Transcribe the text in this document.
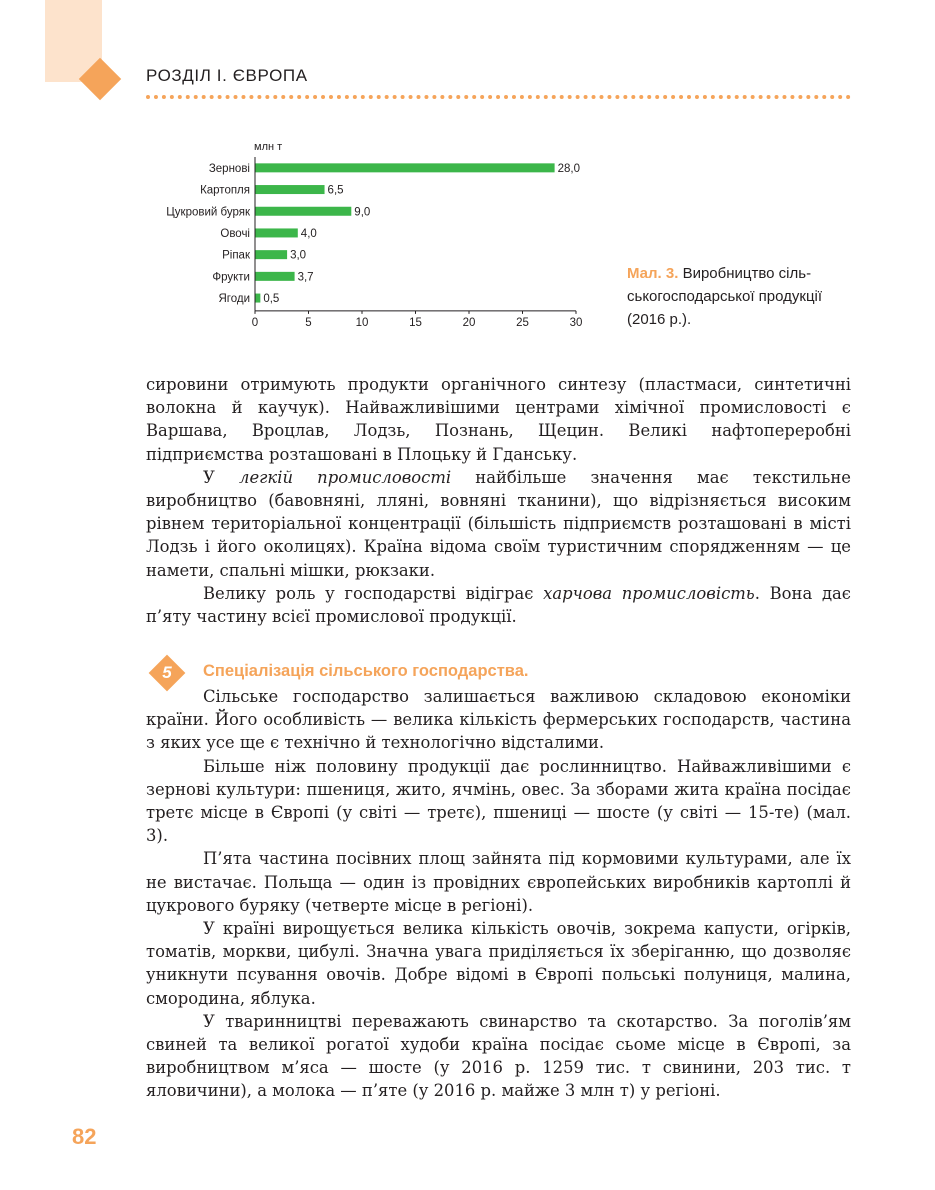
РОЗДІЛ І. ЄВРОПА
млн т
Зернові	28,0
Картопля	6,5
Цукровий буряк	9,0
Овочі	4,0
Ріпак	3,0
Фрукти	3,7
Ягоди 0,5
0	5	10	15	20	25	30
Мал. 3. Виробництво сільськогосподарської продукції (2016 р.).

сировини отримують продукти органічного синтезу (пластмаси, синтетичні волокна й каучук). Найважливішими центрами хімічної промисловості є Варшава, Вроцлав, Лодзь, Познань, Щецин. Великі нафтопереробні підприємства розташовані в Плоцьку й Гданську.

У легкій промисловості найбільше значення має текстильне виробництво (бавовняні, лляні, вовняні тканини), що відрізняється високим рівнем територіальної концентрації (більшість підприємств розташовані в місті Лодзь і його околицях). Країна відома своїм туристичним спорядженням — це намети, спальні мішки, рюкзаки.

Велику роль у господарстві відіграє харчова промисловість. Вона дає п’яту частину всієї промислової продукції.

5	Спеціалізація сільського господарства.

Сільське господарство залишається важливою складовою економіки країни. Його особливість — велика кількість фермерських господарств, частина з яких усе ще є технічно й технологічно відсталими.

Більше ніж половину продукції дає рослинництво. Найважливішими є зернові культури: пшениця, жито, ячмінь, овес. За зборами жита країна посідає третє місце в Європі (у світі — третє), пшениці — шосте (у світі — 15-те) (мал. 3).

П’ята частина посівних площ зайнята під кормовими культурами, але їх не вистачає. Польща — один із провідних європейських виробників картоплі й цукрового буряку (четверте місце в регіоні).

У країні вирощується велика кількість овочів, зокрема капусти, огірків, томатів, моркви, цибулі. Значна увага приділяється їх зберіганню, що дозволяє уникнути псування овочів. Добре відомі в Європі польські полуниця, малина, смородина, яблука.

У тваринництві переважають свинарство та скотарство. За поголів’ям свиней та великої рогатої худоби країна посідає сьоме місце в Європі, за виробництвом м’яса — шосте (у 2016 р. 1259 тис. т свинини, 203 тис. т яловичини), а молока — п’яте (у 2016 р. майже 3 млн т) у регіоні.

82
